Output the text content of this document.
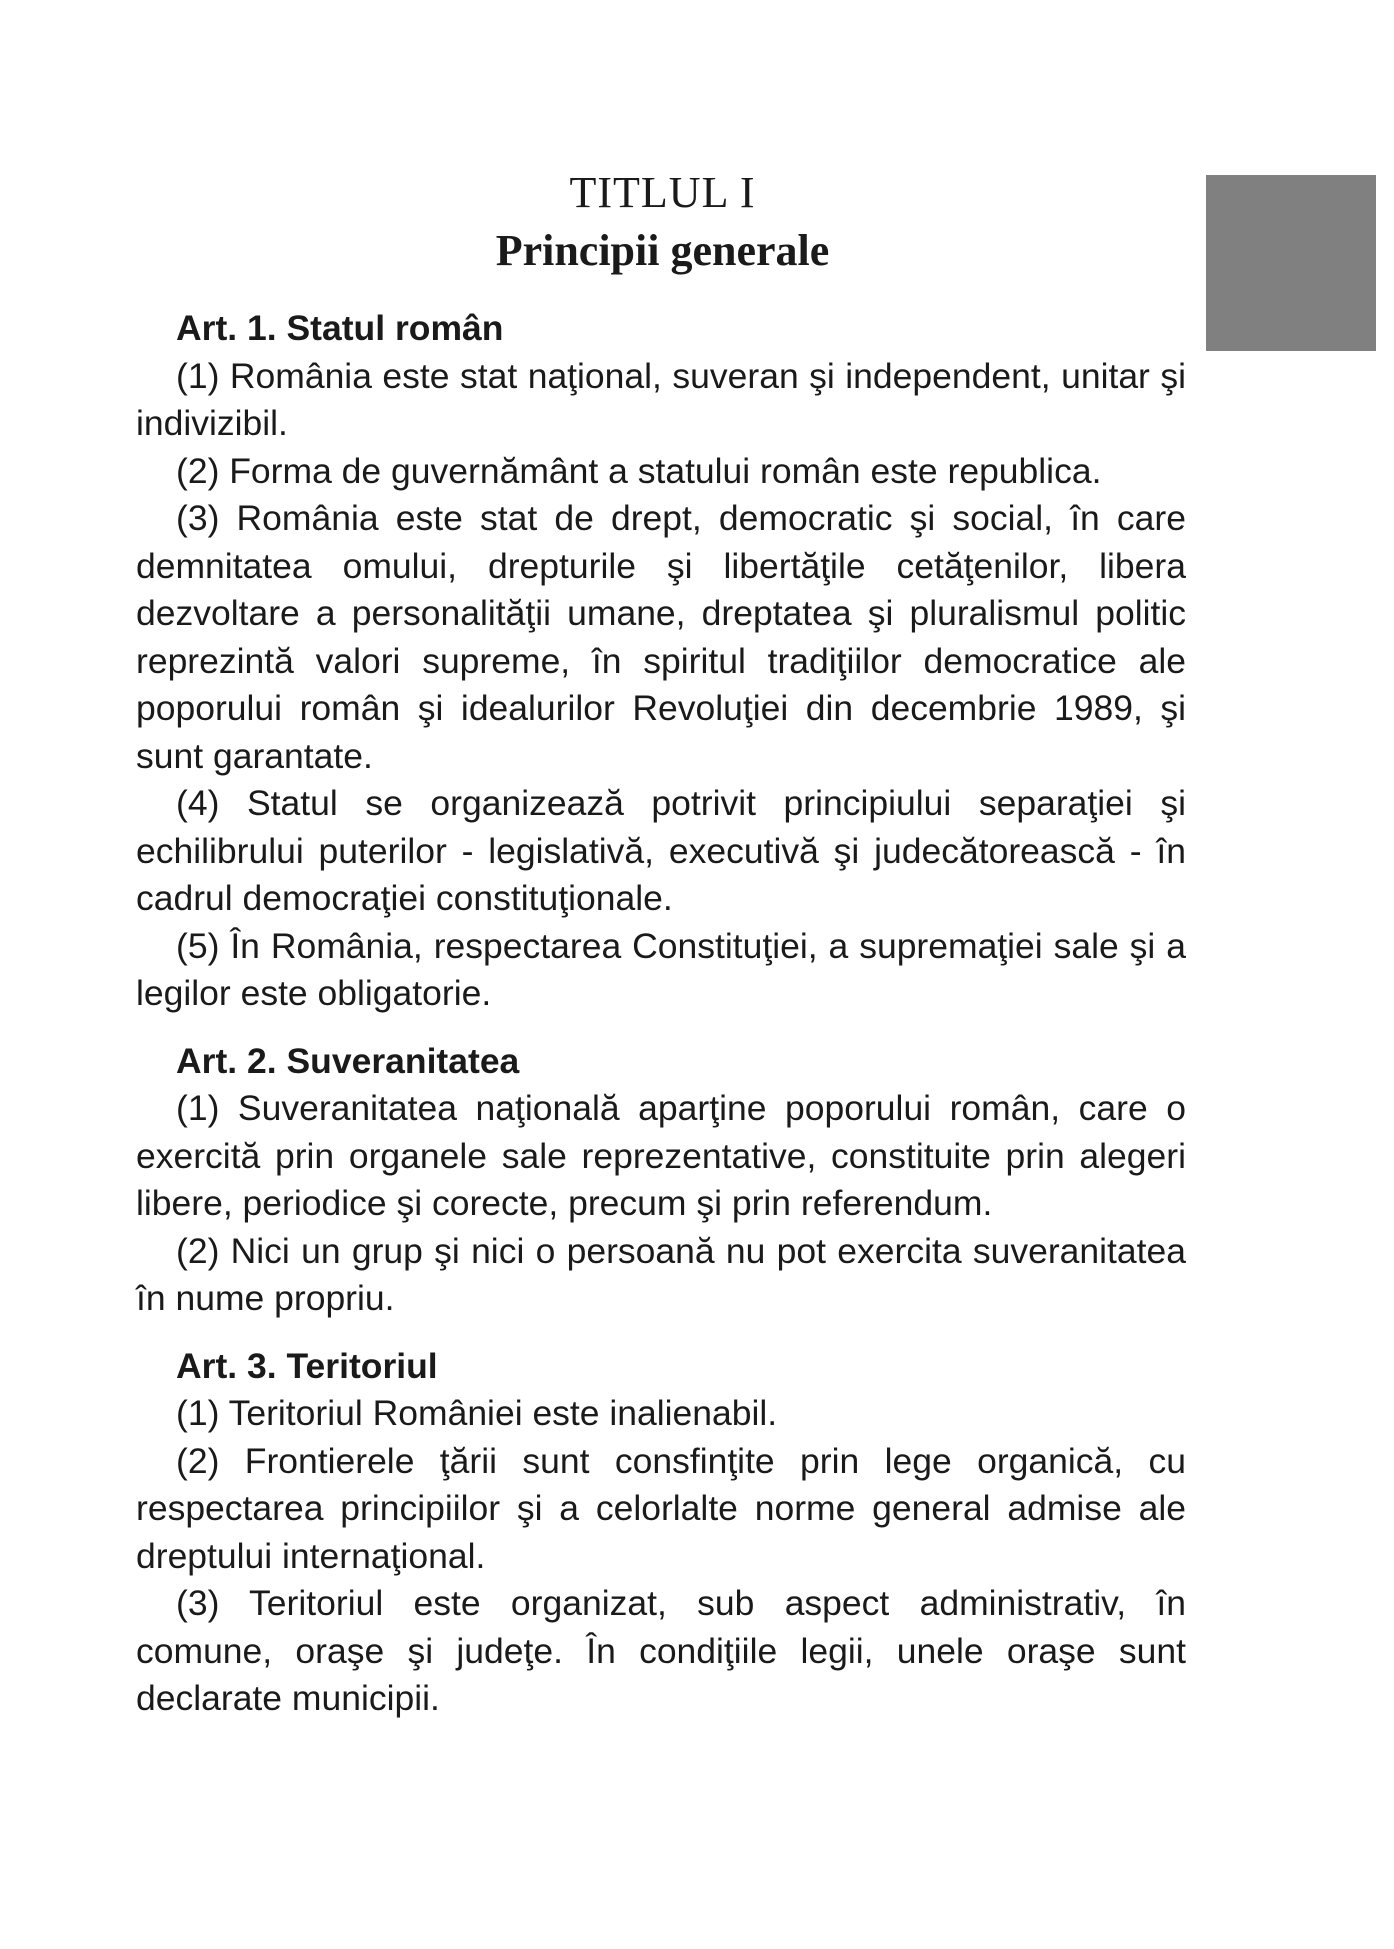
TITLUL I
Principii generale
Art. 1. Statul român

(1) România este stat naţional, suveran şi independent, unitar şi indivizibil.

(2) Forma de guvernământ a statului român este republica.

(3) România este stat de drept, democratic şi social, în care demnitatea omului, drepturile şi libertăţile cetăţenilor, libera dezvoltare a personalităţii umane, dreptatea şi pluralismul politic reprezintă valori supreme, în spiritul tradiţiilor democratice ale poporului român şi idealurilor Revoluţiei din decembrie 1989, şi sunt garantate.

(4) Statul se organizează potrivit principiului separaţiei şi echilibrului puterilor - legislativă, executivă şi judecătorească - în cadrul democraţiei constituţionale.

(5) În România, respectarea Constituţiei, a supremaţiei sale şi a legilor este obligatorie.

Art. 2. Suveranitatea

(1) Suveranitatea naţională aparţine poporului român, care o exercită prin organele sale reprezentative, constituite prin alegeri libere, periodice şi corecte, precum şi prin referendum.

(2) Nici un grup şi nici o persoană nu pot exercita suveranitatea în nume propriu.

Art. 3. Teritoriul

(1) Teritoriul României este inalienabil.

(2) Frontierele ţării sunt consfinţite prin lege organică, cu respectarea principiilor şi a celorlalte norme general admise ale dreptului internaţional.

(3) Teritoriul este organizat, sub aspect administrativ, în comune, oraşe şi judeţe. În condiţiile legii, unele oraşe sunt declarate municipii.
